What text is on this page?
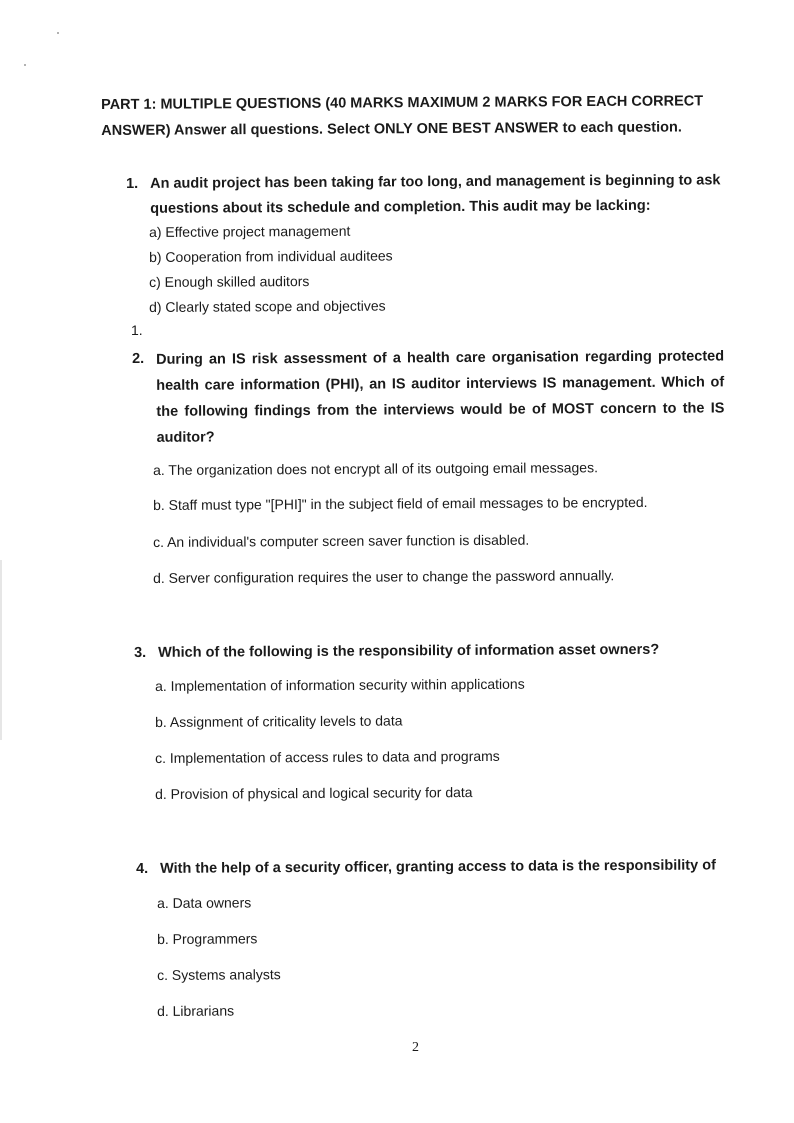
PART 1: MULTIPLE QUESTIONS (40 MARKS MAXIMUM 2 MARKS FOR EACH CORRECT ANSWER) Answer all questions. Select ONLY ONE BEST ANSWER to each question.
1. An audit project has been taking far too long, and management is beginning to ask questions about its schedule and completion. This audit may be lacking:
a) Effective project management
b) Cooperation from individual auditees
c) Enough skilled auditors
d) Clearly stated scope and objectives
1.
2. During an IS risk assessment of a health care organisation regarding protected health care information (PHI), an IS auditor interviews IS management. Which of the following findings from the interviews would be of MOST concern to the IS auditor?
a. The organization does not encrypt all of its outgoing email messages.
b. Staff must type "[PHI]" in the subject field of email messages to be encrypted.
c. An individual's computer screen saver function is disabled.
d. Server configuration requires the user to change the password annually.
3. Which of the following is the responsibility of information asset owners?
a. Implementation of information security within applications
b. Assignment of criticality levels to data
c. Implementation of access rules to data and programs
d. Provision of physical and logical security for data
4. With the help of a security officer, granting access to data is the responsibility of
a. Data owners
b. Programmers
c. Systems analysts
d. Librarians
2
